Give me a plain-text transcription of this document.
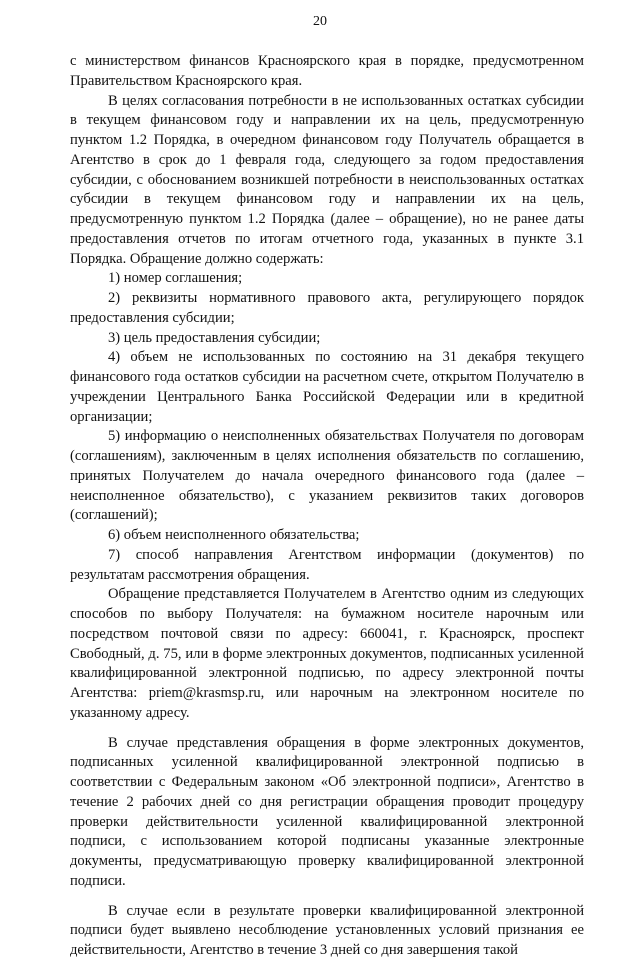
20

с министерством финансов Красноярского края в порядке, предусмотренном Правительством Красноярского края.

В целях согласования потребности в не использованных остатках субсидии в текущем финансовом году и направлении их на цель, предусмотренную пунктом 1.2 Порядка, в очередном финансовом году Получатель обращается в Агентство в срок до 1 февраля года, следующего за годом предоставления субсидии, с обоснованием возникшей потребности в неиспользованных остатках субсидии в текущем финансовом году и направлении их на цель, предусмотренную пунктом 1.2 Порядка (далее – обращение), но не ранее даты предоставления отчетов по итогам отчетного года, указанных в пункте 3.1 Порядка. Обращение должно содержать:

1) номер соглашения;

2) реквизиты нормативного правового акта, регулирующего порядок предоставления субсидии;

3) цель предоставления субсидии;

4) объем не использованных по состоянию на 31 декабря текущего финансового года остатков субсидии на расчетном счете, открытом Получателю в учреждении Центрального Банка Российской Федерации или в кредитной организации;

5) информацию о неисполненных обязательствах Получателя по договорам (соглашениям), заключенным в целях исполнения обязательств по соглашению, принятых Получателем до начала очередного финансового года (далее – неисполненное обязательство), с указанием реквизитов таких договоров (соглашений);

6) объем неисполненного обязательства;

7) способ направления Агентством информации (документов) по результатам рассмотрения обращения.

Обращение представляется Получателем в Агентство одним из следующих способов по выбору Получателя: на бумажном носителе нарочным или посредством почтовой связи по адресу: 660041, г. Красноярск, проспект Свободный, д. 75, или в форме электронных документов, подписанных усиленной квалифицированной электронной подписью, по адресу электронной почты Агентства: priem@krasmsp.ru, или нарочным на электронном носителе по указанному адресу.

В случае представления обращения в форме электронных документов, подписанных усиленной квалифицированной электронной подписью в соответствии с Федеральным законом «Об электронной подписи», Агентство в течение 2 рабочих дней со дня регистрации обращения проводит процедуру проверки действительности усиленной квалифицированной электронной подписи, с использованием которой подписаны указанные электронные документы, предусматривающую проверку квалифицированной электронной подписи.

В случае если в результате проверки квалифицированной электронной подписи будет выявлено несоблюдение установленных условий признания ее действительности, Агентство в течение 3 дней со дня завершения такой
